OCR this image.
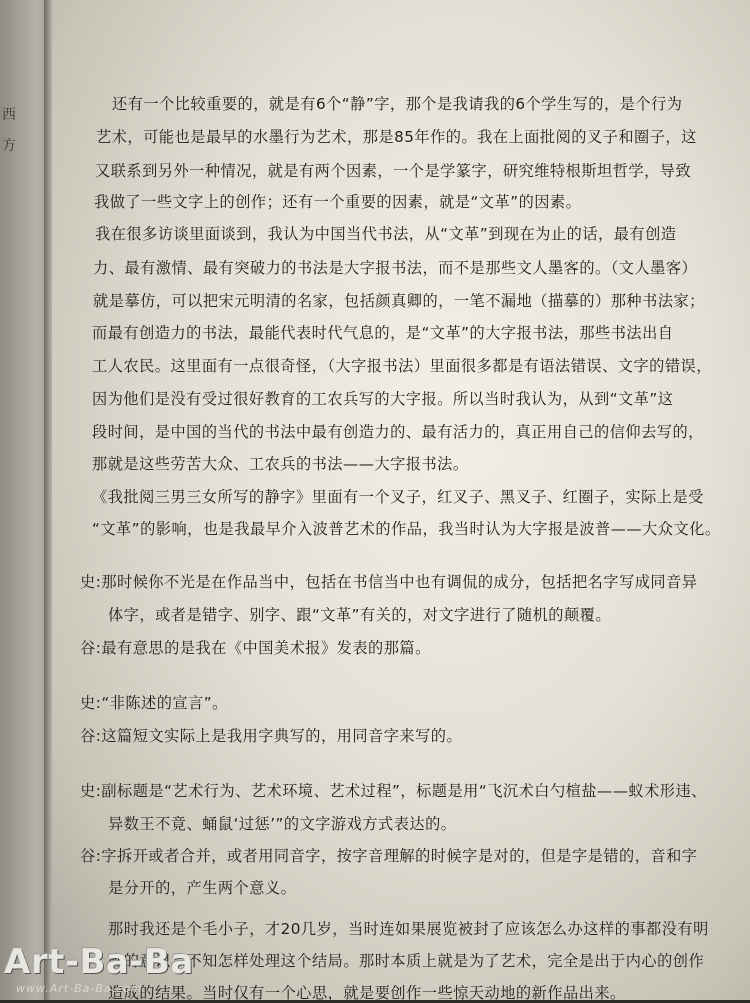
西
方
还有一个比较重要的，就是有6个“静”字，那个是我请我的6个学生写的，是个行为
艺术，可能也是最早的水墨行为艺术，那是85年作的。我在上面批阅的叉子和圈子，这
又联系到另外一种情况，就是有两个因素，一个是学篆字，研究维特根斯坦哲学，导致
我做了一些文字上的创作；还有一个重要的因素，就是“文革”的因素。
我在很多访谈里面谈到，我认为中国当代书法，从“文革”到现在为止的话，最有创造
力、最有激情、最有突破力的书法是大字报书法，而不是那些文人墨客的。（文人墨客）
就是摹仿，可以把宋元明清的名家，包括颜真卿的，一笔不漏地（描摹的）那种书法家；
而最有创造力的书法，最能代表时代气息的，是“文革”的大字报书法，那些书法出自
工人农民。这里面有一点很奇怪，（大字报书法）里面很多都是有语法错误、文字的错误，
因为他们是没有受过很好教育的工农兵写的大字报。所以当时我认为，从到“文革”这
段时间，是中国的当代的书法中最有创造力的、最有活力的，真正用自己的信仰去写的，
那就是这些劳苦大众、工农兵的书法——大字报书法。
《我批阅三男三女所写的静字》里面有一个叉子，红叉子、黑叉子、红圈子，实际上是受
“文革”的影响，也是我最早介入波普艺术的作品，我当时认为大字报是波普——大众文化。
史:那时候你不光是在作品当中，包括在书信当中也有调侃的成分，包括把名字写成同音异
体字，或者是错字、别字、跟“文革”有关的，对文字进行了随机的颠覆。
谷:最有意思的是我在《中国美术报》发表的那篇。
史:“非陈述的宣言”。
谷:这篇短文实际上是我用字典写的，用同音字来写的。
史:副标题是“艺术行为、艺术环境、艺术过程”，标题是用“飞沉术白勺楦盐——蚁术形违、
异数王不竟、蛹鼠‘过惩’”的文字游戏方式表达的。
谷:字拆开或者合并，或者用同音字，按字音理解的时候字是对的，但是字是错的，音和字
是分开的，产生两个意义。
那时我还是个毛小子，才20几岁，当时连如果展览被封了应该怎么办这样的事都没有明
确的意识，不知怎样处理这个结局。那时本质上就是为了艺术，完全是出于内心的创作
造成的结果。当时仅有一个心思，就是要创作一些惊天动地的新作品出来。
Art-Ba-Ba
www.Art-Ba-Ba.com
